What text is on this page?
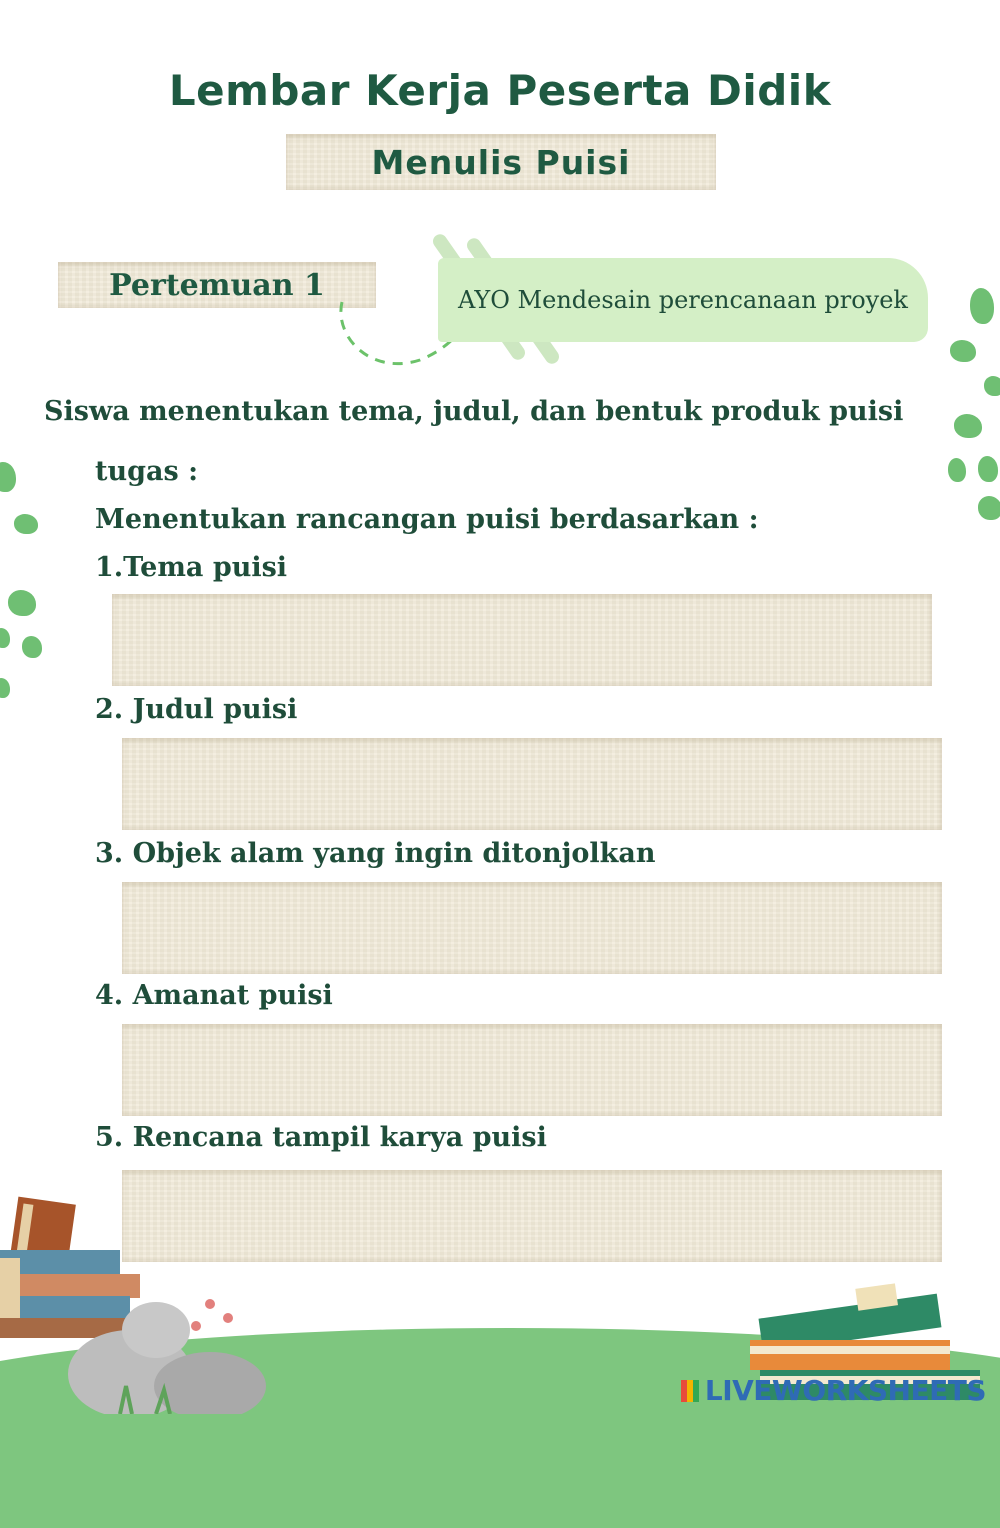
Lembar Kerja Peserta Didik
Menulis Puisi
Pertemuan 1	AYO Mendesain perencanaan proyek
Siswa menentukan tema, judul, dan bentuk produk puisi
tugas :
Menentukan rancangan puisi berdasarkan :
1.Tema puisi
2. Judul puisi
3. Objek alam yang ingin ditonjolkan
4. Amanat puisi
5. Rencana tampil karya puisi
LIVEWORKSHEETS
